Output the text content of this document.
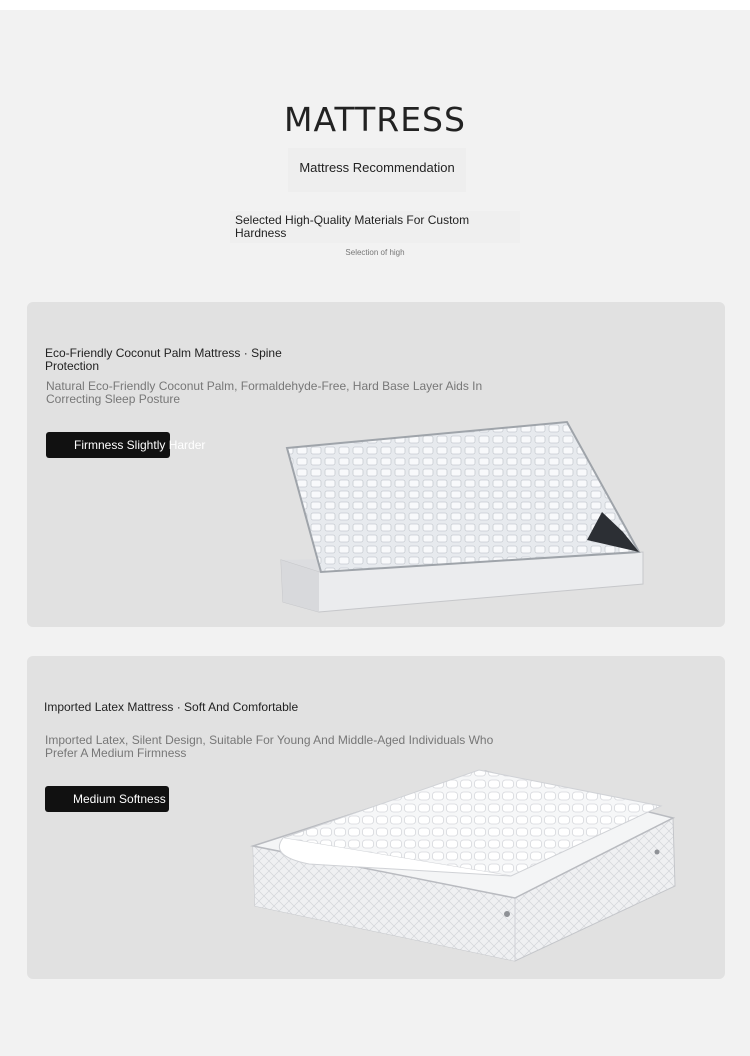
MATTRESS
Mattress Recommendation
Selected High-Quality Materials For Custom Hardness
Selection of high
Eco-Friendly Coconut Palm Mattress · Spine Protection
Natural Eco-Friendly Coconut Palm, Formaldehyde-Free, Hard Base Layer Aids In Correcting Sleep Posture
Firmness Slightly Harder
Imported Latex Mattress · Soft And Comfortable
Imported Latex, Silent Design, Suitable For Young And Middle-Aged Individuals Who Prefer A Medium Firmness
Medium Softness
